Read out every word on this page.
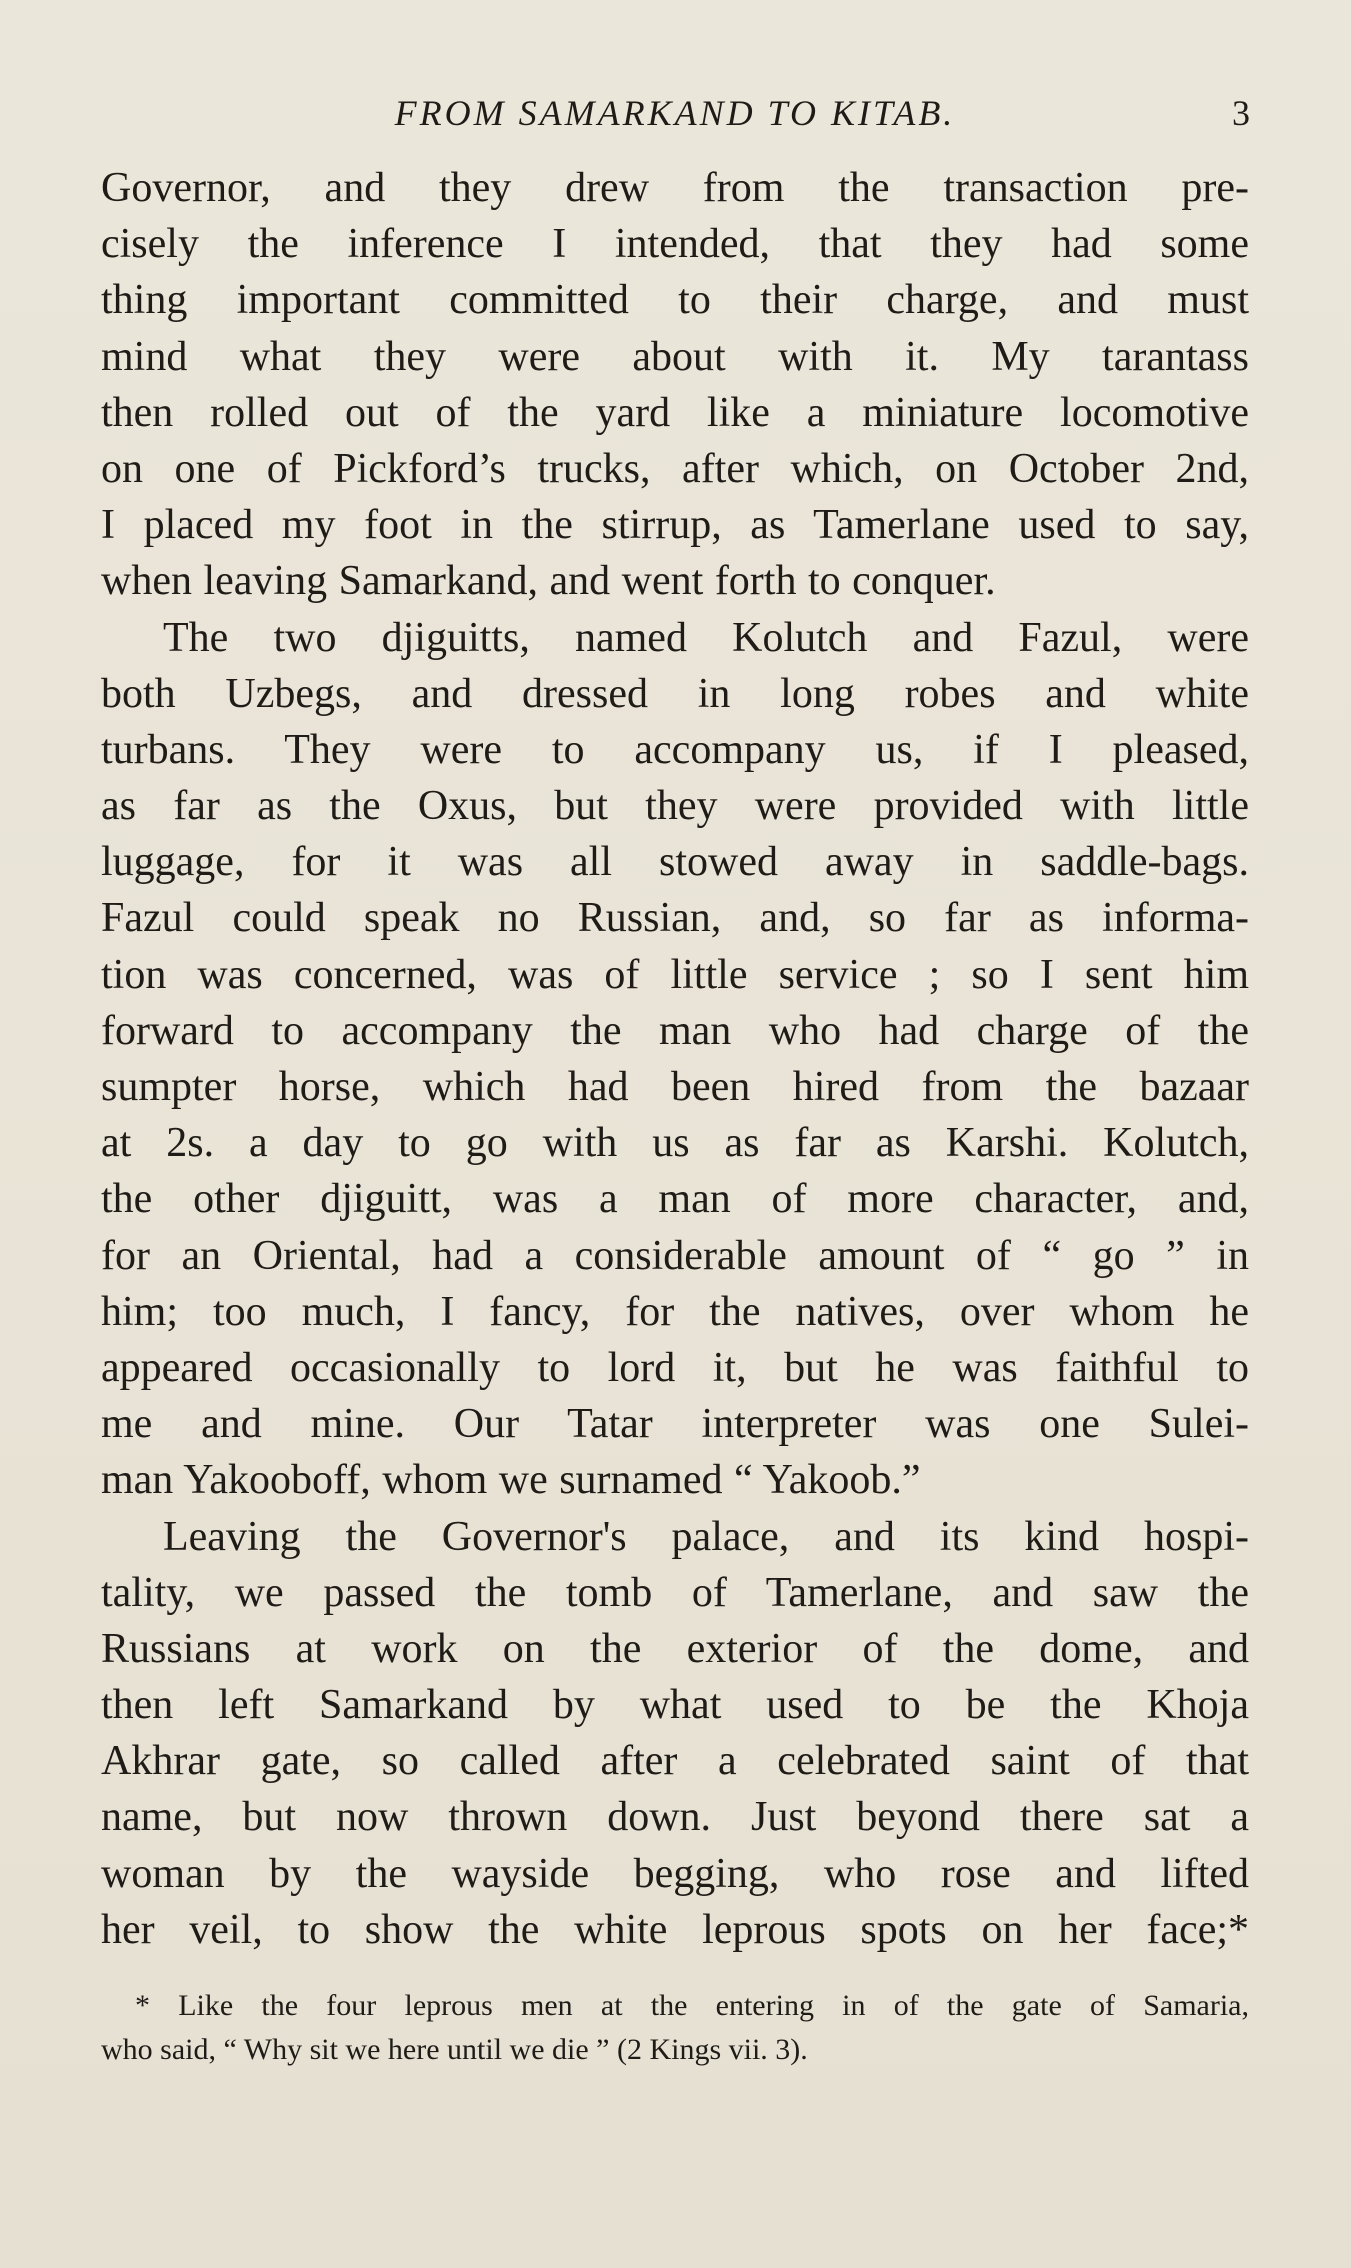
FROM SAMARKAND TO KITAB.	3
Governor, and they drew from the transaction pre-
cisely the inference I intended, that they had some
thing important committed to their charge, and must
mind what they were about with it. My tarantass
then rolled out of the yard like a miniature locomotive
on one of Pickford’s trucks, after which, on October 2nd,
I placed my foot in the stirrup, as Tamerlane used to say,
when leaving Samarkand, and went forth to conquer.
The two djiguitts, named Kolutch and Fazul, were
both Uzbegs, and dressed in long robes and white
turbans. They were to accompany us, if I pleased,
as far as the Oxus, but they were provided with little
luggage, for it was all stowed away in saddle-bags.
Fazul could speak no Russian, and, so far as informa-
tion was concerned, was of little service ; so I sent him
forward to accompany the man who had charge of the
sumpter horse, which had been hired from the bazaar
at 2s. a day to go with us as far as Karshi. Kolutch,
the other djiguitt, was a man of more character, and,
for an Oriental, had a considerable amount of “ go ” in
him; too much, I fancy, for the natives, over whom he
appeared occasionally to lord it, but he was faithful to
me and mine. Our Tatar interpreter was one Sulei-
man Yakooboff, whom we surnamed “ Yakoob.”
Leaving the Governor's palace, and its kind hospi-
tality, we passed the tomb of Tamerlane, and saw the
Russians at work on the exterior of the dome, and
then left Samarkand by what used to be the Khoja
Akhrar gate, so called after a celebrated saint of that
name, but now thrown down. Just beyond there sat a
woman by the wayside begging, who rose and lifted
her veil, to show the white leprous spots on her face;*
* Like the four leprous men at the entering in of the gate of Samaria,
who said, “ Why sit we here until we die ” (2 Kings vii. 3).
